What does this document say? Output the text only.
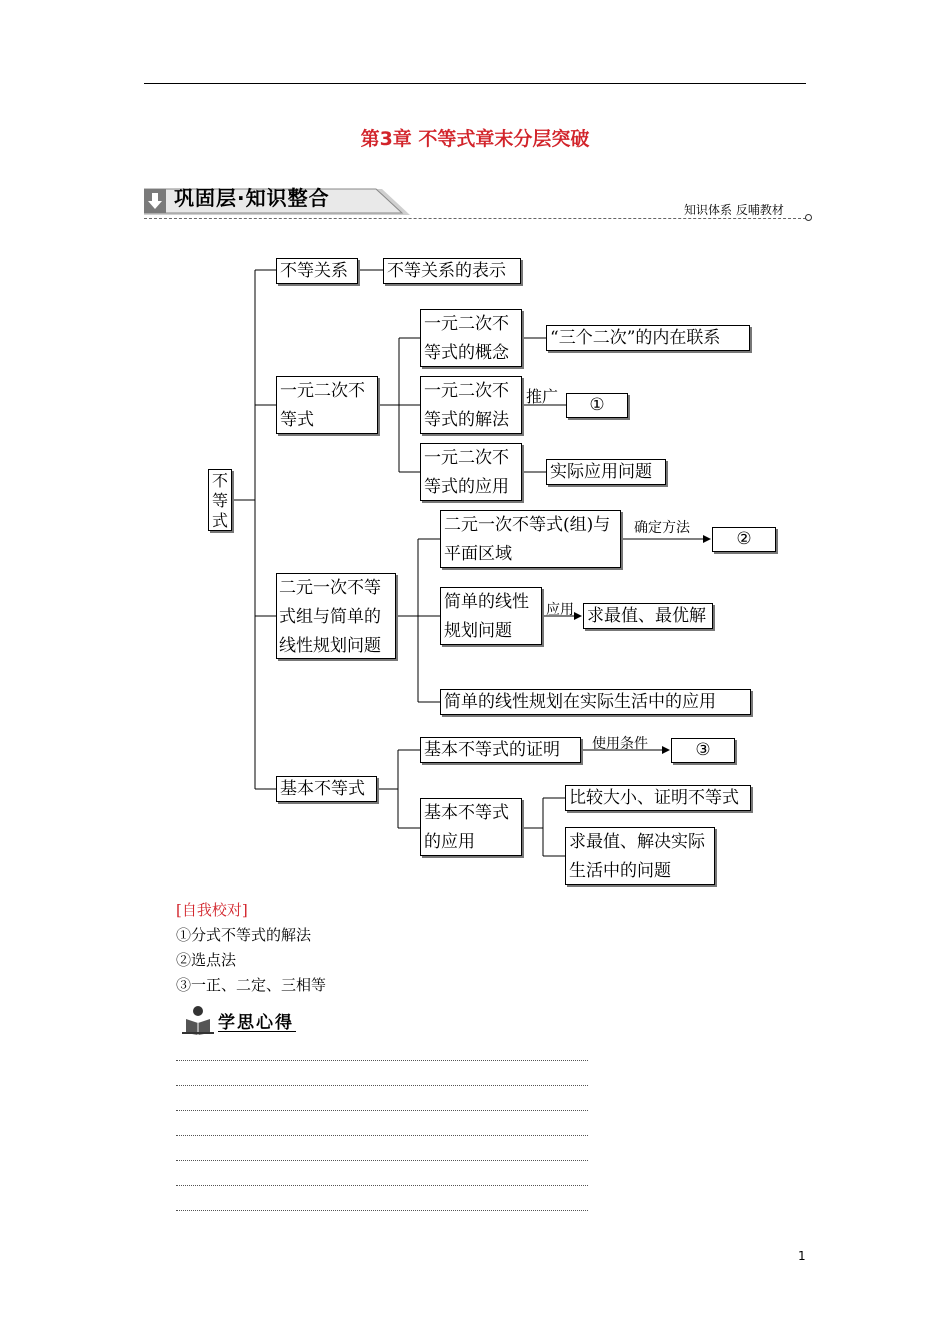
第3章 不等式章末分层突破
巩固层·知识整合	知识体系 反哺教材
不等式
不等关系	不等关系的表示
一元二次不等式
一元二次不等式的概念
“三个二次”的内在联系
一元二次不等式的解法
推广	①
一元二次不等式的应用
实际应用问题
二元一次不等式组与简单的线性规划问题
二元一次不等式(组)与平面区域
确定方法
②
简单的线性规划问题
应用 求最值、最优解
简单的线性规划在实际生活中的应用
基本不等式
基本不等式的证明	使用条件	③
基本不等式的应用
比较大小、证明不等式
求最值、解决实际生活中的问题
[自我校对]
①分式不等式的解法
②选点法
③一正、二定、三相等
学思心得
1
